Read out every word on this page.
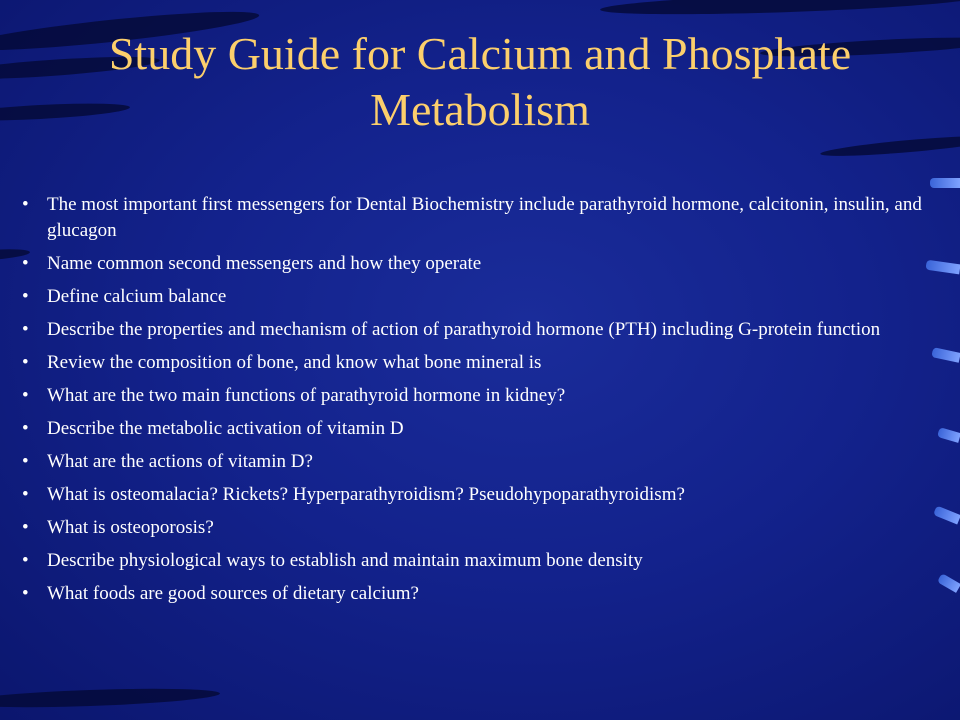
Study Guide for Calcium and Phosphate Metabolism
• The most important first messengers for Dental Biochemistry include parathyroid hormone, calcitonin, insulin, and glucagon
• Name common second messengers and how they operate
• Define calcium balance
• Describe the properties and mechanism of action of parathyroid hormone (PTH) including G-protein function
• Review the composition of bone, and know what bone mineral is
• What are the two main functions of parathyroid hormone in kidney?
• Describe the metabolic activation of vitamin D
• What are the actions of vitamin D?
• What is osteomalacia? Rickets? Hyperparathyroidism? Pseudohypoparathyroidism?
• What is osteoporosis?
• Describe physiological ways to establish and maintain maximum bone density
• What foods are good sources of dietary calcium?
